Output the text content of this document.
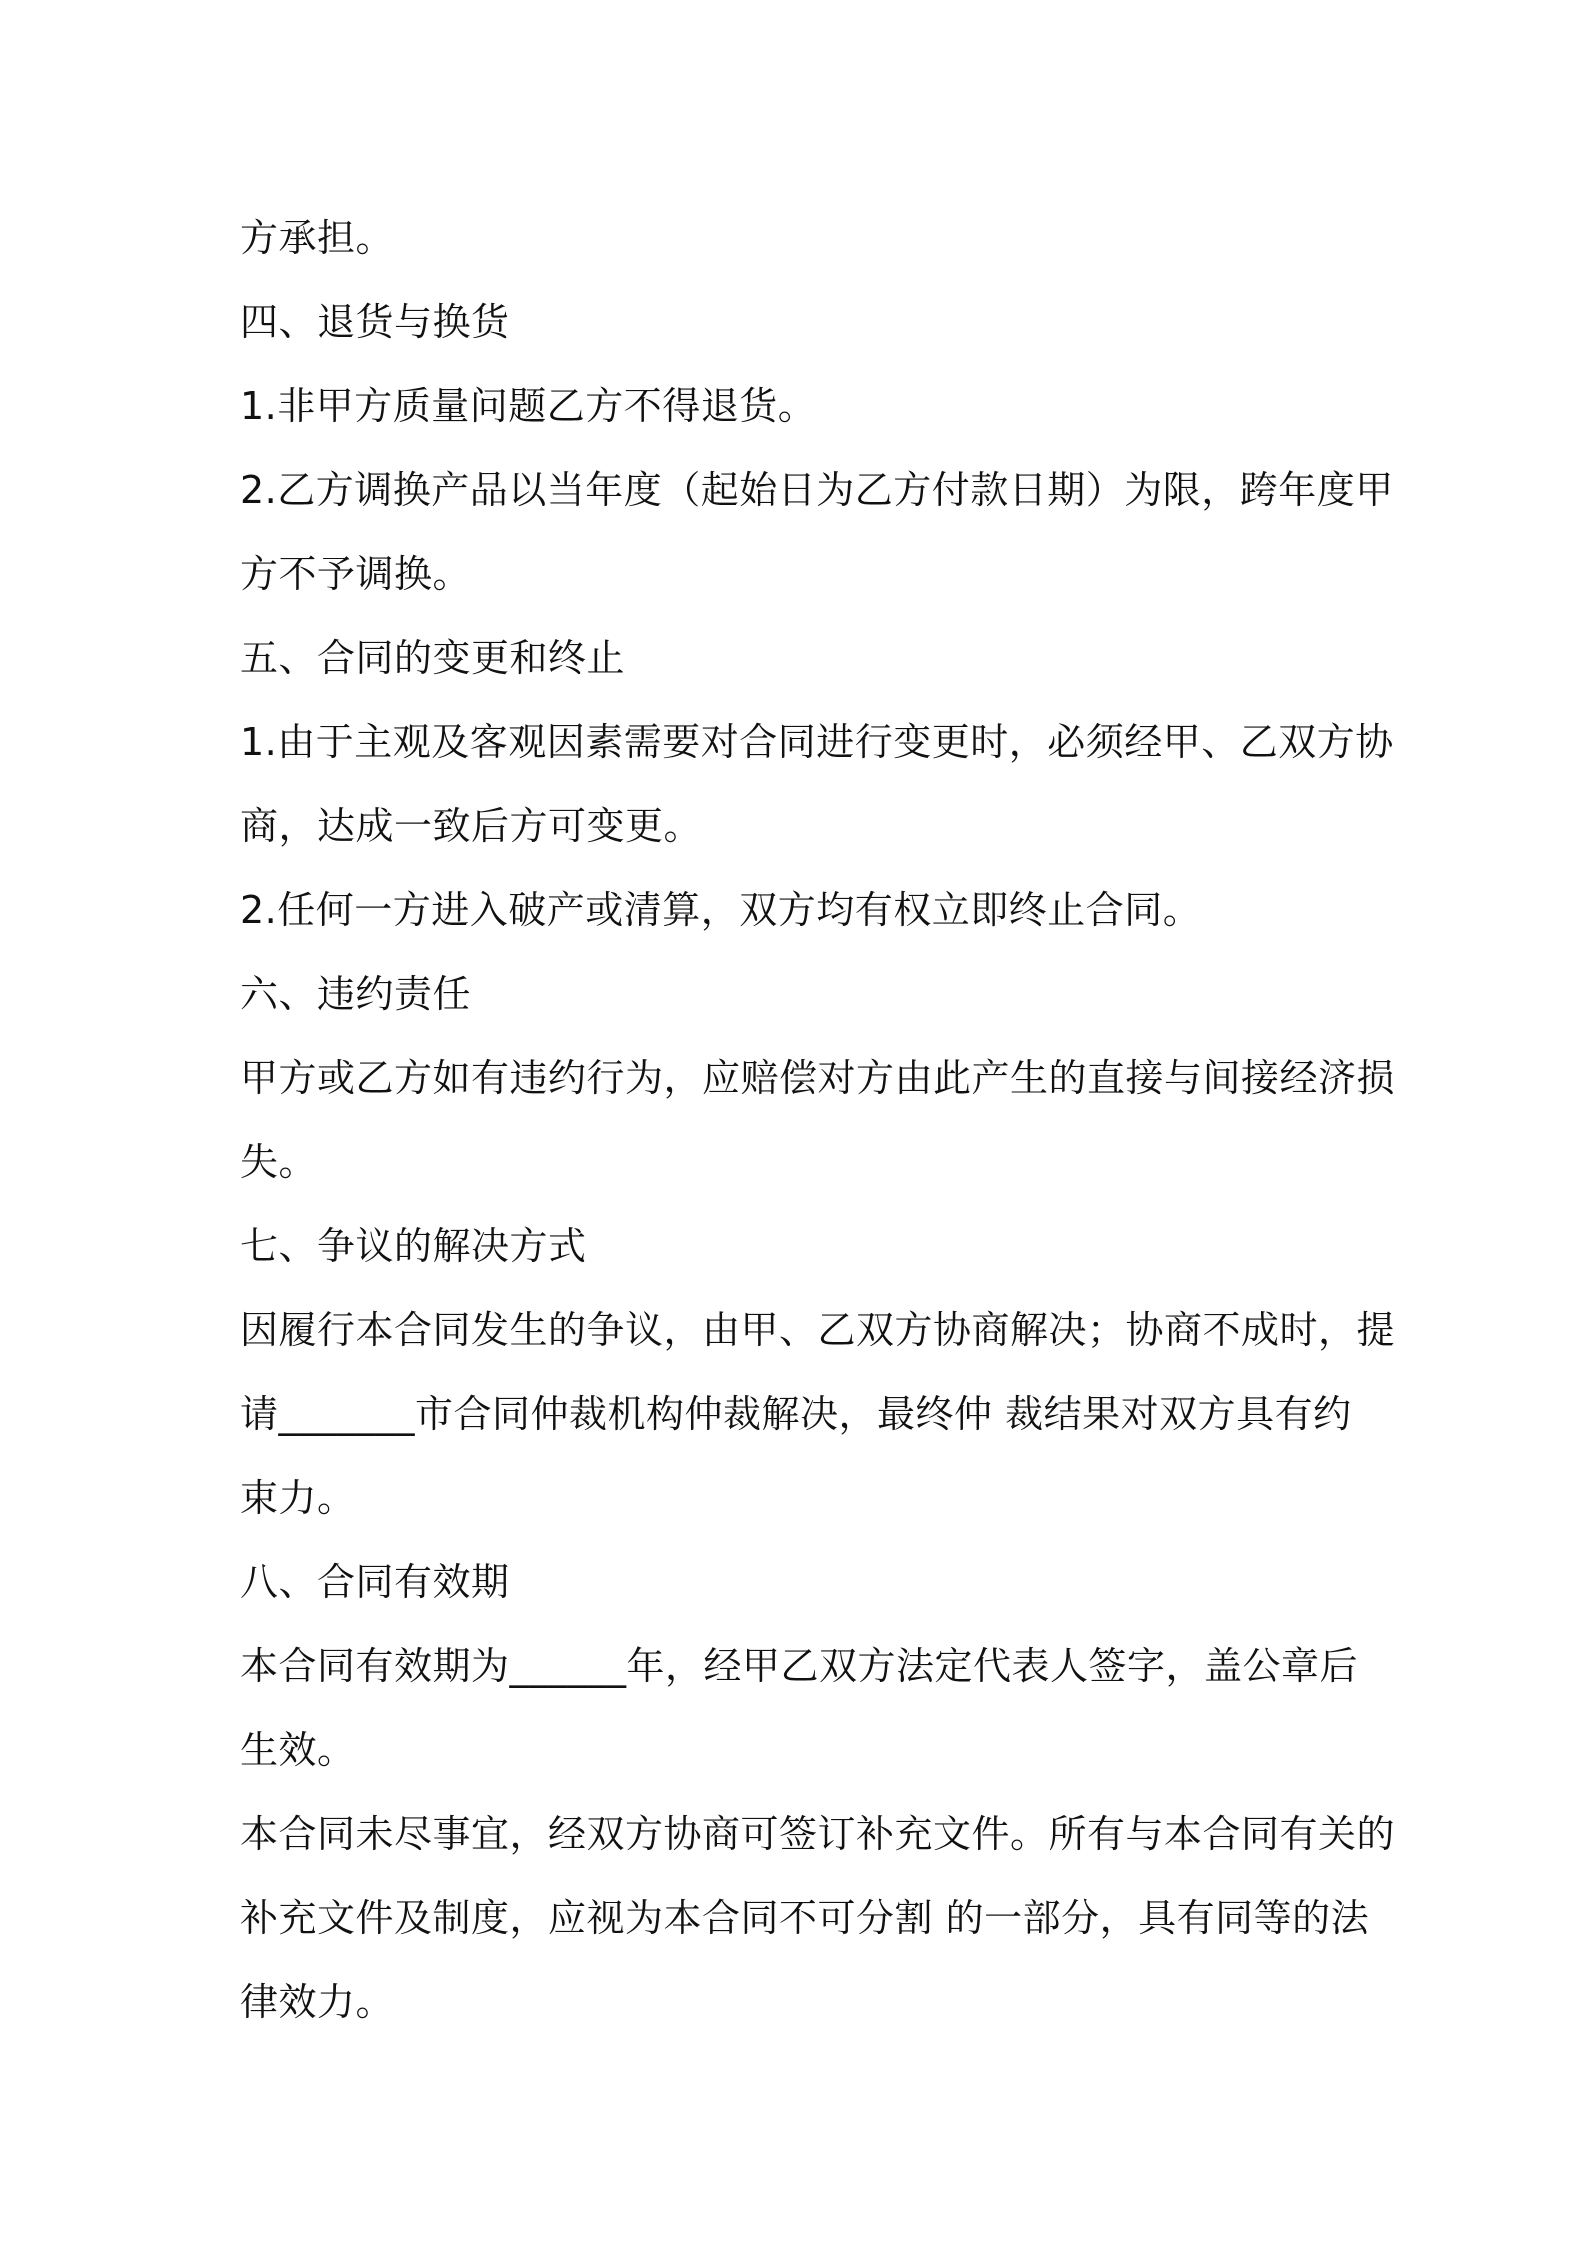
方承担。
四、退货与换货
1.非甲方质量问题乙方不得退货。
2.乙方调换产品以当年度（起始日为乙方付款日期）为限，跨年度甲
方不予调换。
五、合同的变更和终止
1.由于主观及客观因素需要对合同进行变更时，必须经甲、乙双方协
商，达成一致后方可变更。
2.任何一方进入破产或清算，双方均有权立即终止合同。
六、违约责任
甲方或乙方如有违约行为，应赔偿对方由此产生的直接与间接经济损
失。
七、争议的解决方式
因履行本合同发生的争议，由甲、乙双方协商解决；协商不成时，提
请_______市合同仲裁机构仲裁解决，最终仲 裁结果对双方具有约
束力。
八、合同有效期
本合同有效期为______年，经甲乙双方法定代表人签字，盖公章后
生效。
本合同未尽事宜，经双方协商可签订补充文件。所有与本合同有关的
补充文件及制度，应视为本合同不可分割 的一部分，具有同等的法
律效力。
